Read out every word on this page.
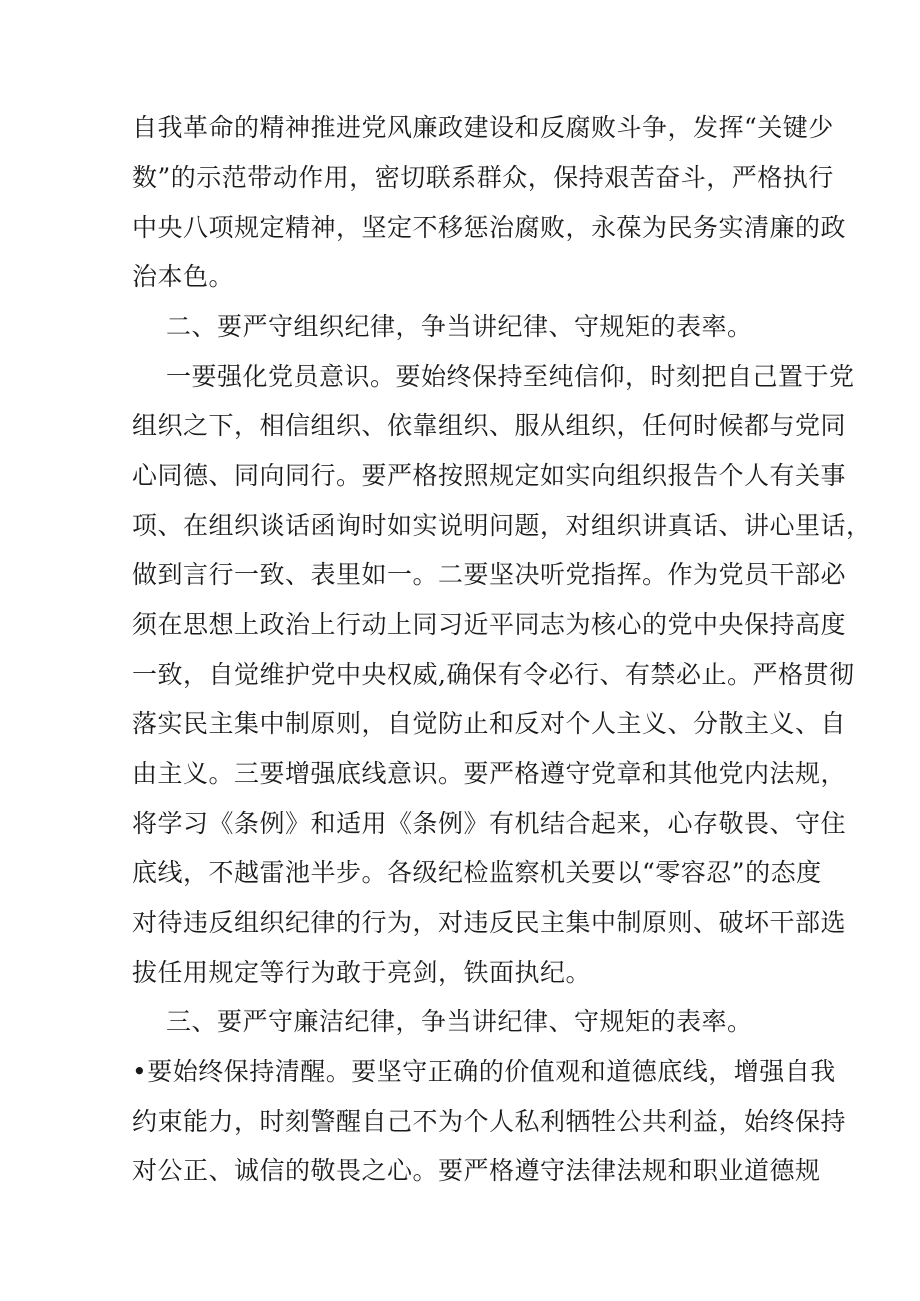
自我革命的精神推进党风廉政建设和反腐败斗争，发挥“关键少
数”的示范带动作用，密切联系群众，保持艰苦奋斗，严格执行
中央八项规定精神，坚定不移惩治腐败，永葆为民务实清廉的政
治本色。
二、要严守组织纪律，争当讲纪律、守规矩的表率。
一要强化党员意识。要始终保持至纯信仰，时刻把自己置于党
组织之下，相信组织、依靠组织、服从组织，任何时候都与党同
心同德、同向同行。要严格按照规定如实向组织报告个人有关事
项、在组织谈话函询时如实说明问题，对组织讲真话、讲心里话，
做到言行一致、表里如一。二要坚决听党指挥。作为党员干部必
须在思想上政治上行动上同习近平同志为核心的党中央保持高度
一致，自觉维护党中央权威,确保有令必行、有禁必止。严格贯彻
落实民主集中制原则，自觉防止和反对个人主义、分散主义、自
由主义。三要增强底线意识。要严格遵守党章和其他党内法规，
将学习《条例》和适用《条例》有机结合起来，心存敬畏、守住
底线，不越雷池半步。各级纪检监察机关要以“零容忍”的态度
对待违反组织纪律的行为，对违反民主集中制原则、破坏干部选
拔任用规定等行为敢于亮剑，铁面执纪。
三、要严守廉洁纪律，争当讲纪律、守规矩的表率。
•要始终保持清醒。要坚守正确的价值观和道德底线，增强自我
约束能力，时刻警醒自己不为个人私利牺牲公共利益，始终保持
对公正、诚信的敬畏之心。要严格遵守法律法规和职业道德规
